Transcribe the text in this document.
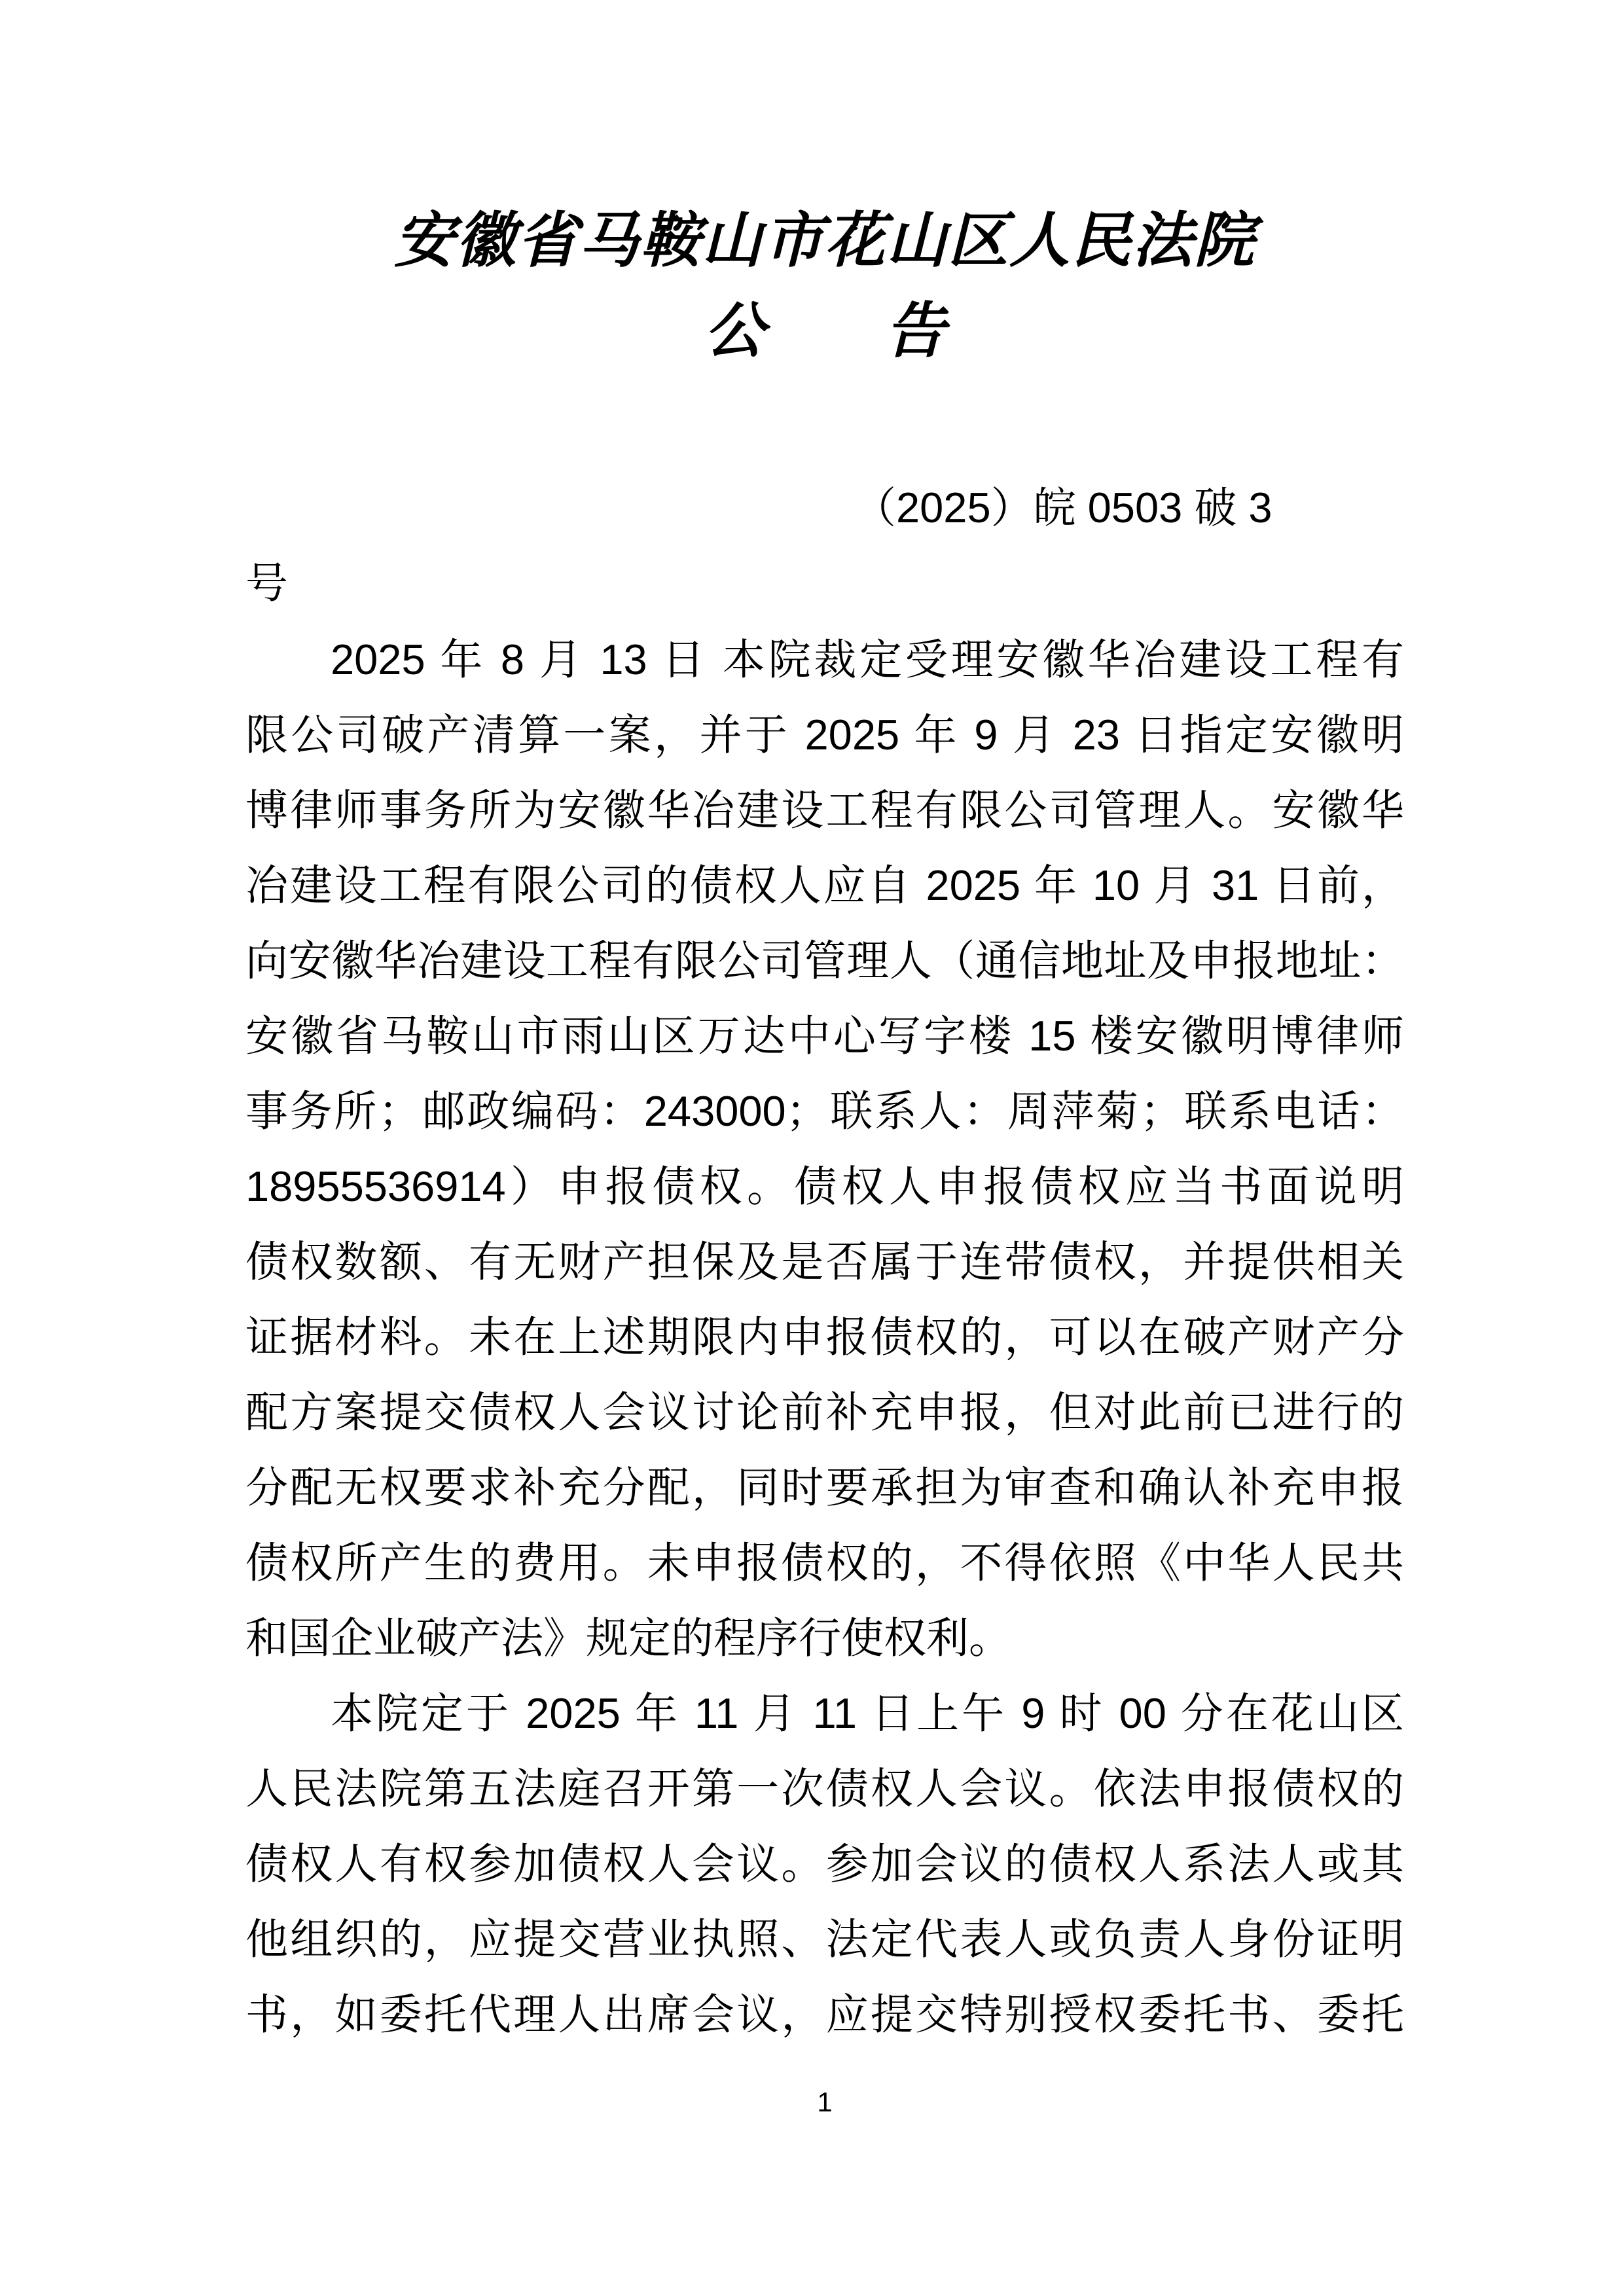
安徽省马鞍山市花山区人民法院
公　　告
（2025）皖 0503 破 3
号
2025 年 8 月 13 日 本院裁定受理安徽华冶建设工程有
限公司破产清算一案，并于 2025 年 9 月 23 日指定安徽明
博律师事务所为安徽华冶建设工程有限公司管理人。安徽华
冶建设工程有限公司的债权人应自 2025 年 10 月 31 日前，
向安徽华冶建设工程有限公司管理人（通信地址及申报地址：
安徽省马鞍山市雨山区万达中心写字楼 15 楼安徽明博律师
事务所；邮政编码：243000；联系人：周萍菊；联系电话：
18955536914）申报债权。债权人申报债权应当书面说明
债权数额、有无财产担保及是否属于连带债权，并提供相关
证据材料。未在上述期限内申报债权的，可以在破产财产分
配方案提交债权人会议讨论前补充申报，但对此前已进行的
分配无权要求补充分配，同时要承担为审查和确认补充申报
债权所产生的费用。未申报债权的，不得依照《中华人民共
和国企业破产法》规定的程序行使权利。
本院定于 2025 年 11 月 11 日上午 9 时 00 分在花山区
人民法院第五法庭召开第一次债权人会议。依法申报债权的
债权人有权参加债权人会议。参加会议的债权人系法人或其
他组织的，应提交营业执照、法定代表人或负责人身份证明
书，如委托代理人出席会议，应提交特别授权委托书、委托
1
